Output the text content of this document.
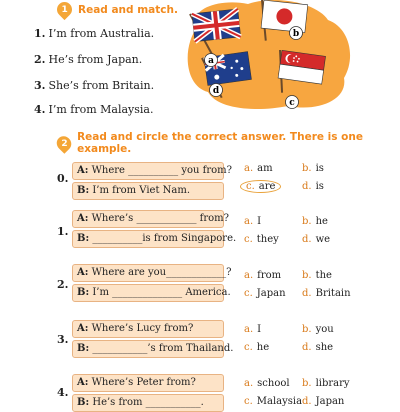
1 Read and match.
1. I’m from Australia.
2. He’s from Japan.
3. She’s from Britain.
4. I’m from Malaysia.
a
b
c
d
2
Read and circle the correct answer. There is one example.
0.
A: Where __________ you from?
B: I’m from Viet Nam.
a. am	b. is
c. are	d. is
1.
A: Where’s ____________ from?
B: __________is from Singapore.
a. I	b. he
c. they d. we
2.
A: Where are you____________?
B: I’m ______________ America.
a. from b. the
c. Japan d. Britain
3.
A: Where’s Lucy from?
B: ___________’s from Thailand.
a. I	b. you
c. he	d. she
4.
A: Where’s Peter from?
B: He’s from ___________.
a. school b. library
c. Malaysia d. Japan
